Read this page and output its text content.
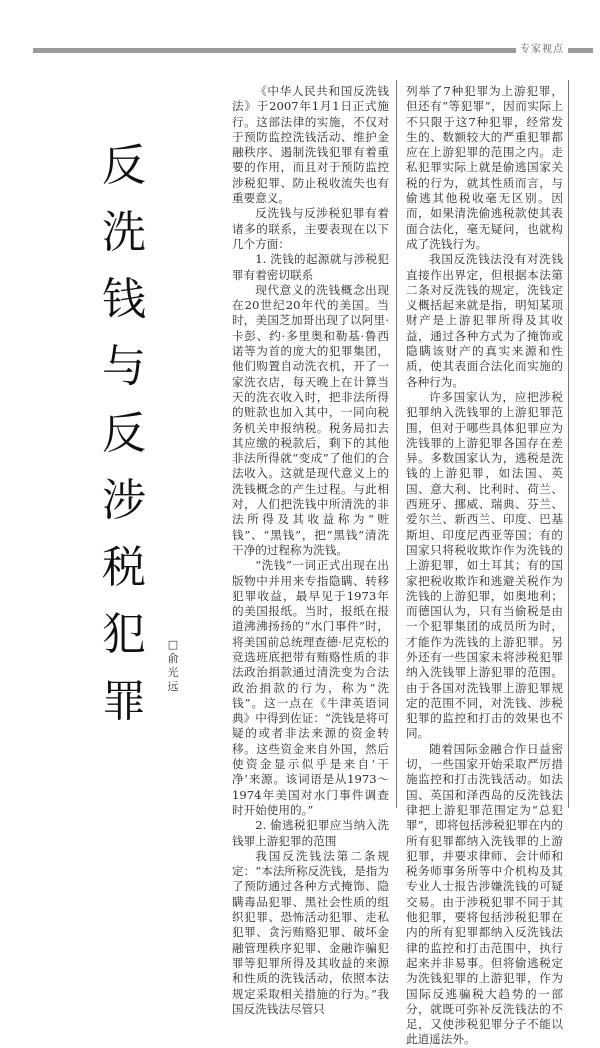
专家视点
反
洗
钱
与
反
涉
税
犯
罪
□
俞
光
远

《中华人民共和国反洗钱法》于2007年1月1日正式施行。这部法律的实施，不仅对于预防监控洗钱活动、维护金融秩序、遏制洗钱犯罪有着重要的作用，而且对于预防监控涉税犯罪、防止税收流失也有重要意义。

反洗钱与反涉税犯罪有着诸多的联系，主要表现在以下几个方面：

1. 洗钱的起源就与涉税犯罪有着密切联系

现代意义的洗钱概念出现在20世纪20年代的美国。当时，美国芝加哥出现了以阿里·卡彭、约·多里奥和勒基·鲁西诺等为首的庞大的犯罪集团，他们购置自动洗衣机，开了一家洗衣店，每天晚上在计算当天的洗衣收入时，把非法所得的赃款也加入其中，一同向税务机关申报纳税。税务局扣去其应缴的税款后，剩下的其他非法所得就“变成”了他们的合法收入。这就是现代意义上的洗钱概念的产生过程。与此相对，人们把洗钱中所清洗的非法所得及其收益称为“赃钱”、“黑钱”，把“黑钱”清洗干净的过程称为洗钱。

“洗钱”一词正式出现在出版物中并用来专指隐瞒、转移犯罪收益，最早见于1973年的美国报纸。当时，报纸在报道沸沸扬扬的“水门事件”时，将美国前总统理查德·尼克松的竞选班底把带有贿赂性质的非法政治捐款通过清洗变为合法政治捐款的行为，称为“洗钱”。这一点在《牛津英语词典》中得到佐证：“洗钱是将可疑的或者非法来源的资金转移。这些资金来自外国，然后使资金显示似乎是来自‘干净’来源。该词语是从1973～1974年美国对水门事件调查时开始使用的。”

2. 偷逃税犯罪应当纳入洗钱罪上游犯罪的范围

我国反洗钱法第二条规定：“本法所称反洗钱，是指为了预防通过各种方式掩饰、隐瞒毒品犯罪、黑社会性质的组织犯罪、恐怖活动犯罪、走私犯罪、贪污贿赂犯罪、破坏金融管理秩序犯罪、金融诈骗犯罪等犯罪所得及其收益的来源和性质的洗钱活动，依照本法规定采取相关措施的行为。”我国反洗钱法尽管只

列举了7种犯罪为上游犯罪，但还有“等犯罪”，因而实际上不只限于这7种犯罪，经常发生的、数额较大的严重犯罪都应在上游犯罪的范围之内。走私犯罪实际上就是偷逃国家关税的行为，就其性质而言，与偷逃其他税收毫无区别。因而，如果清洗偷逃税款使其表面合法化，毫无疑问，也就构成了洗钱行为。

我国反洗钱法没有对洗钱直接作出界定，但根据本法第二条对反洗钱的规定，洗钱定义概括起来就是指，明知某项财产是上游犯罪所得及其收益，通过各种方式为了掩饰或隐瞒该财产的真实来源和性质，使其表面合法化而实施的各种行为。

许多国家认为，应把涉税犯罪纳入洗钱罪的上游犯罪范围，但对于哪些具体犯罪应为洗钱罪的上游犯罪各国存在差异。多数国家认为，逃税是洗钱的上游犯罪，如法国、英国、意大利、比利时、荷兰、西班牙、挪威、瑞典、芬兰、爱尔兰、新西兰、印度、巴基斯坦、印度尼西亚等国；有的国家只将税收欺诈作为洗钱的上游犯罪，如土耳其；有的国家把税收欺诈和逃避关税作为洗钱的上游犯罪，如奥地利；而德国认为，只有当偷税是由一个犯罪集团的成员所为时，才能作为洗钱的上游犯罪。另外还有一些国家未将涉税犯罪纳入洗钱罪上游犯罪的范围。由于各国对洗钱罪上游犯罪规定的范围不同，对洗钱、涉税犯罪的监控和打击的效果也不同。

随着国际金融合作日益密切，一些国家开始采取严厉措施监控和打击洗钱活动。如法国、英国和泽西岛的反洗钱法律把上游犯罪范围定为“总犯罪”，即将包括涉税犯罪在内的所有犯罪都纳入洗钱罪的上游犯罪，并要求律师、会计师和税务师事务所等中介机构及其专业人士报告涉嫌洗钱的可疑交易。由于涉税犯罪不同于其他犯罪，要将包括涉税犯罪在内的所有犯罪都纳入反洗钱法律的监控和打击范围中，执行起来并非易事。但将偷逃税定为洗钱犯罪的上游犯罪，作为国际反逃骗税大趋势的一部分，就既可弥补反洗钱法的不足，又使涉税犯罪分子不能以此逍遥法外。
